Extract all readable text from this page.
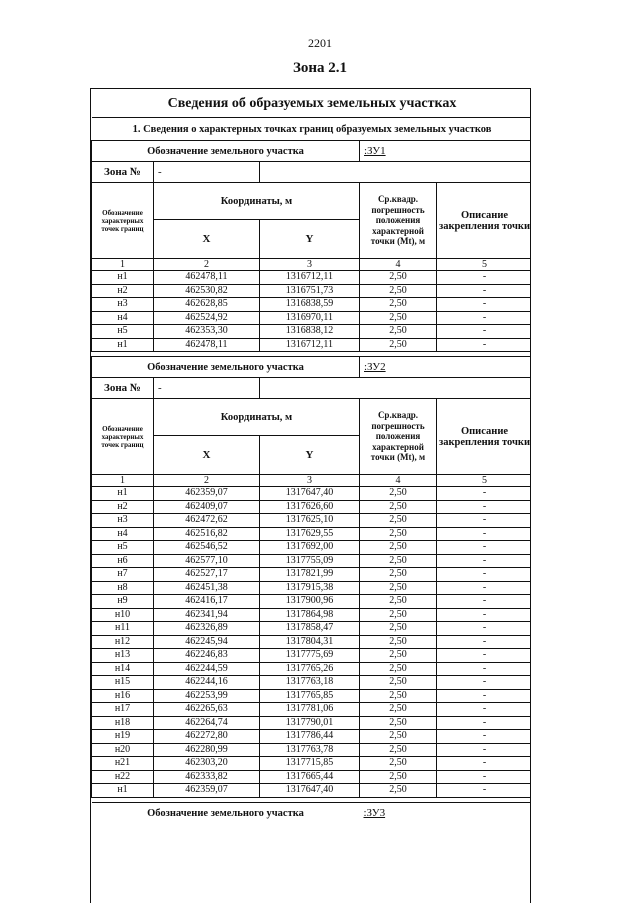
2201
Зона 2.1
Сведения об образуемых земельных участках				
1. Сведения о характерных точках границ образуемых земельных участков				
Обозначение земельного участка			:ЗУ1	
Зона №	-			
Обозначение характерных точек границ	Координаты, м		Ср.квадр. погрешность положения характерной точки (Mt), м	Описание закрепления точки
	X	Y		
1	2	3	4	5
н1	462478,11	1316712,11	2,50	-
н2	462530,82	1316751,73	2,50	-
н3	462628,85	1316838,59	2,50	-
н4	462524,92	1316970,11	2,50	-
н5	462353,30	1316838,12	2,50	-
н1	462478,11	1316712,11	2,50	-

Обозначение земельного участка			:ЗУ2	
Зона №	-			
Обозначение характерных точек границ	Координаты, м		Ср.квадр. погрешность положения характерной точки (Mt), м	Описание закрепления точки
	X	Y		
1	2	3	4	5
н1	462359,07	1317647,40	2,50	-
н2	462409,07	1317626,60	2,50	-
н3	462472,62	1317625,10	2,50	-
н4	462516,82	1317629,55	2,50	-
н5	462546,52	1317692,00	2,50	-
н6	462577,10	1317755,09	2,50	-
н7	462527,17	1317821,99	2,50	-
н8	462451,38	1317915,38	2,50	-
н9	462416,17	1317900,96	2,50	-
н10	462341,94	1317864,98	2,50	-
н11	462326,89	1317858,47	2,50	-
н12	462245,94	1317804,31	2,50	-
н13	462246,83	1317775,69	2,50	-
н14	462244,59	1317765,26	2,50	-
н15	462244,16	1317763,18	2,50	-
н16	462253,99	1317765,85	2,50	-
н17	462265,63	1317781,06	2,50	-
н18	462264,74	1317790,01	2,50	-
н19	462272,80	1317786,44	2,50	-
н20	462280,99	1317763,78	2,50	-
н21	462303,20	1317715,85	2,50	-
н22	462333,82	1317665,44	2,50	-
н1	462359,07	1317647,40	2,50	-

Обозначение земельного участка			:ЗУ3	
